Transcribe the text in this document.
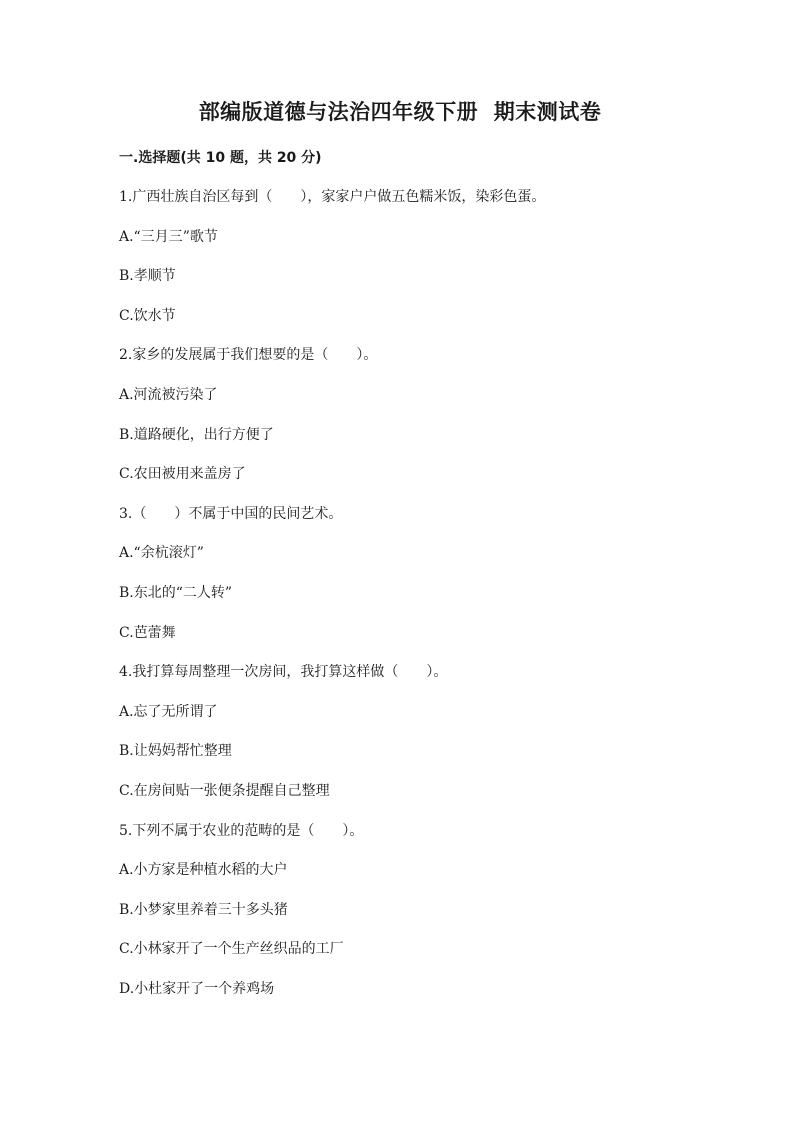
部编版道德与法治四年级下册  期末测试卷
一.选择题(共 10 题，共 20 分)
1.广西壮族自治区每到（　　），家家户户做五色糯米饭，染彩色蛋。
A.“三月三”歌节
B.孝顺节
C.饮水节
2.家乡的发展属于我们想要的是（　　）。
A.河流被污染了
B.道路硬化，出行方便了
C.农田被用来盖房了
3.（　　）不属于中国的民间艺术。
A.“余杭滚灯”
B.东北的“二人转”
C.芭蕾舞
4.我打算每周整理一次房间，我打算这样做（　　）。
A.忘了无所谓了
B.让妈妈帮忙整理
C.在房间贴一张便条提醒自己整理
5.下列不属于农业的范畴的是（　　）。
A.小方家是种植水稻的大户
B.小梦家里养着三十多头猪
C.小林家开了一个生产丝织品的工厂
D.小杜家开了一个养鸡场
